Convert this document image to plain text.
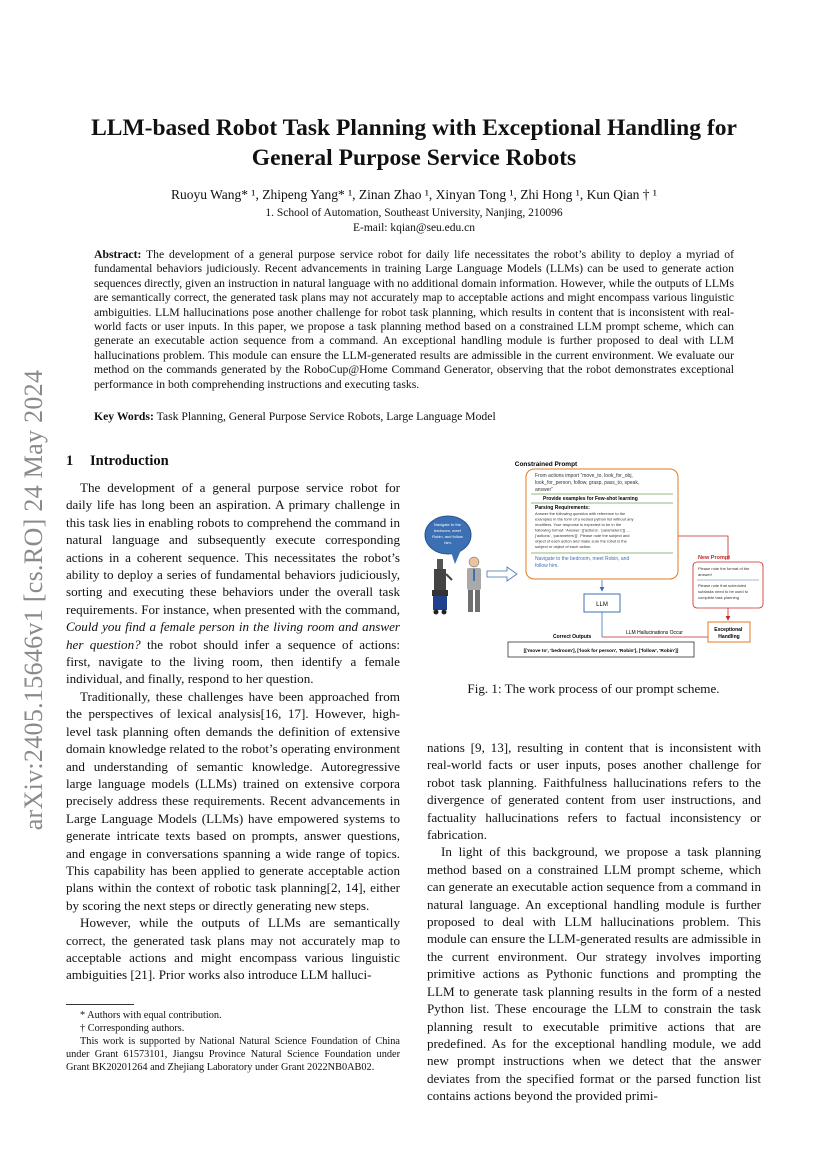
arXiv:2405.15646v1 [cs.RO] 24 May 2024
LLM-based Robot Task Planning with Exceptional Handling for
General Purpose Service Robots
Ruoyu Wang* ¹, Zhipeng Yang* ¹, Zinan Zhao ¹, Xinyan Tong ¹, Zhi Hong ¹, Kun Qian † ¹
1. School of Automation, Southeast University, Nanjing, 210096
E-mail: kqian@seu.edu.cn
Abstract: The development of a general purpose service robot for daily life necessitates the robot’s ability to deploy a myriad of fundamental behaviors judiciously. Recent advancements in training Large Language Models (LLMs) can be used to generate action sequences directly, given an instruction in natural language with no additional domain information. However, while the outputs of LLMs are semantically correct, the generated task plans may not accurately map to acceptable actions and might encompass various linguistic ambiguities. LLM hallucinations pose another challenge for robot task planning, which results in content that is inconsistent with real-world facts or user inputs. In this paper, we propose a task planning method based on a constrained LLM prompt scheme, which can generate an executable action sequence from a command. An exceptional handling module is further proposed to deal with LLM hallucinations problem. This module can ensure the LLM-generated results are admissible in the current environment. We evaluate our method on the commands generated by the RoboCup@Home Command Generator, observing that the robot demonstrates exceptional performance in both comprehending instructions and executing tasks.
Key Words: Task Planning, General Purpose Service Robots, Large Language Model
1 Introduction

The development of a general purpose service robot for daily life has long been an aspiration. A primary challenge in this task lies in enabling robots to comprehend the command in natural language and subsequently execute corresponding actions in a coherent sequence. This necessitates the robot’s ability to deploy a series of fundamental behaviors judiciously, sorting and executing these behaviors under the overall task requirements. For instance, when presented with the command, Could you find a female person in the living room and answer her question? the robot should infer a sequence of actions: first, navigate to the living room, then identify a female individual, and finally, respond to her question.

Traditionally, these challenges have been approached from the perspectives of lexical analysis[16, 17]. However, high-level task planning often demands the definition of extensive domain knowledge related to the robot’s operating environment and understanding of semantic knowledge. Autoregressive large language models (LLMs) trained on extensive corpora precisely address these requirements. Recent advancements in Large Language Models (LLMs) have empowered systems to generate intricate texts based on prompts, answer questions, and engage in conversations spanning a wide range of topics. This capability has been applied to generate acceptable action plans within the context of robotic task planning[2, 14], either by scoring the next steps or directly generating new steps.

However, while the outputs of LLMs are semantically correct, the generated task plans may not accurately map to acceptable actions and might encompass various linguistic ambiguities [21]. Prior works also introduce LLM halluci-

* Authors with equal contribution.
† Corresponding authors.
This work is supported by National Natural Science Foundation of China under Grant 61573101, Jiangsu Province Natural Science Foundation under Grant BK20201264 and Zhejiang Laboratory under Grant 2022NB0AB02.

nations [9, 13], resulting in content that is inconsistent with real-world facts or user inputs, poses another challenge for robot task planning. Faithfulness hallucinations refers to the divergence of generated content from user instructions, and factuality hallucinations refers to factual inconsistency or fabrication.

In light of this background, we propose a task planning method based on a constrained LLM prompt scheme, which can generate an executable action sequence from a command in natural language. An exceptional handling module is further proposed to deal with LLM hallucinations problem. This module can ensure the LLM-generated results are admissible in the current environment. Our strategy involves importing primitive actions as Pythonic functions and prompting the LLM to generate task planning results in the form of a nested Python list. These encourage the LLM to constrain the task planning result to executable primitive actions that are predefined. As for the exceptional handling module, we add new prompt instructions when we detect that the answer deviates from the specified format or the parsed function list contains actions beyond the provided primi-

Constrained Prompt
From actions import “move_to, look_for_obj, look_for_person, follow, grasp, pass_to, speak, answer”
Provide examples for Few-shot learning
Parsing Requirements:
Answer the following question with reference to the examples in the form of a nested python list without any modifiers. Your response is expected to be in the following format: ‘Answer: [[‘actions’, ‘parameters’]]. … [‘actions’, ‘parameters’]]’. Please note the subject and object of each action and make sure the robot is the subject or object of each action.
Navigate to the bedroom, meet Robin, and follow him.
Navigate to the bedroom, meet Robin, and follow him.
LLM
LLM Hallucinations Occur
Correct Outputs
[['move to', 'bedroom'], ['look for person', 'Robin'], ['follow', 'Robin']]
New Prompt
Please note the format of the answer!
Please note that scheduled subtasks need to be used to complete task planning
Exceptional Handling
Fig. 1: The work process of our prompt scheme.
